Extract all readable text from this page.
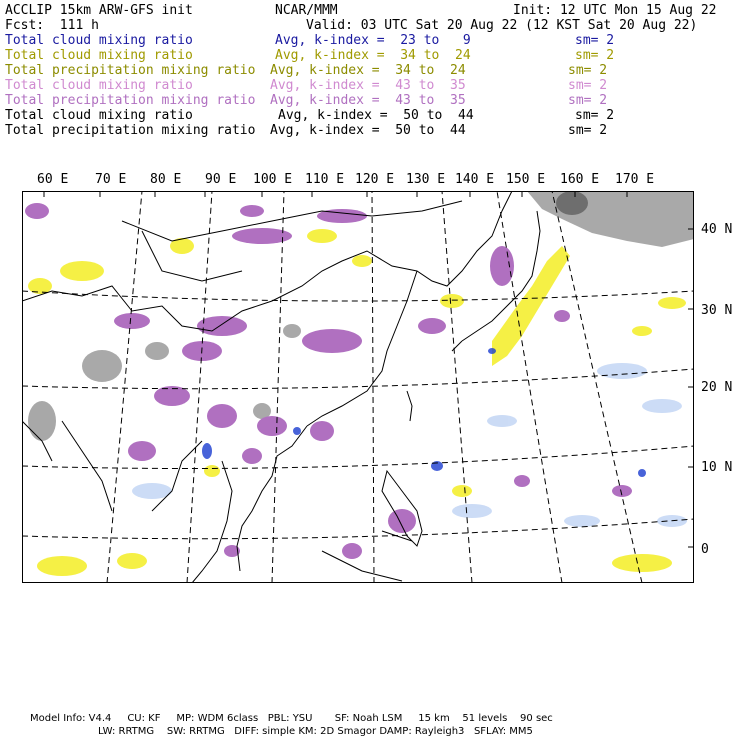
ACCLIP 15km ARW-GFS init	NCAR/MMM	Init: 12 UTC Mon 15 Aug 22
Fcst:  111 h	Valid: 03 UTC Sat 20 Aug 22 (12 KST Sat 20 Aug 22)
Total cloud mixing ratio	Avg, k-index =  23 to   9	sm= 2
Total cloud mixing ratio	Avg, k-index =  34 to  24	sm= 2
Total precipitation mixing ratio Avg, k-index =  34 to  24	sm= 2
Total cloud mixing ratio	Avg, k-index =  43 to  35	sm= 2
Total precipitation mixing ratio Avg, k-index =  43 to  35	sm= 2
Total cloud mixing ratio	Avg, k-index =  50 to  44	sm= 2
Total precipitation mixing ratio Avg, k-index =  50 to  44	sm= 2
60 E 70 E 80 E 90 E 100 E 110 E 120 E 130 E 140 E 150 E 160 E 170 E
40 N
30 N
20 N
10 N
0
Model Info: V4.4     CU: KF     MP: WDM 6class   PBL: YSU       SF: Noah LSM     15 km    51 levels    90 sec
LW: RRTMG    SW: RRTMG   DIFF: simple KM: 2D Smagor DAMP: Rayleigh3   SFLAY: MM5
